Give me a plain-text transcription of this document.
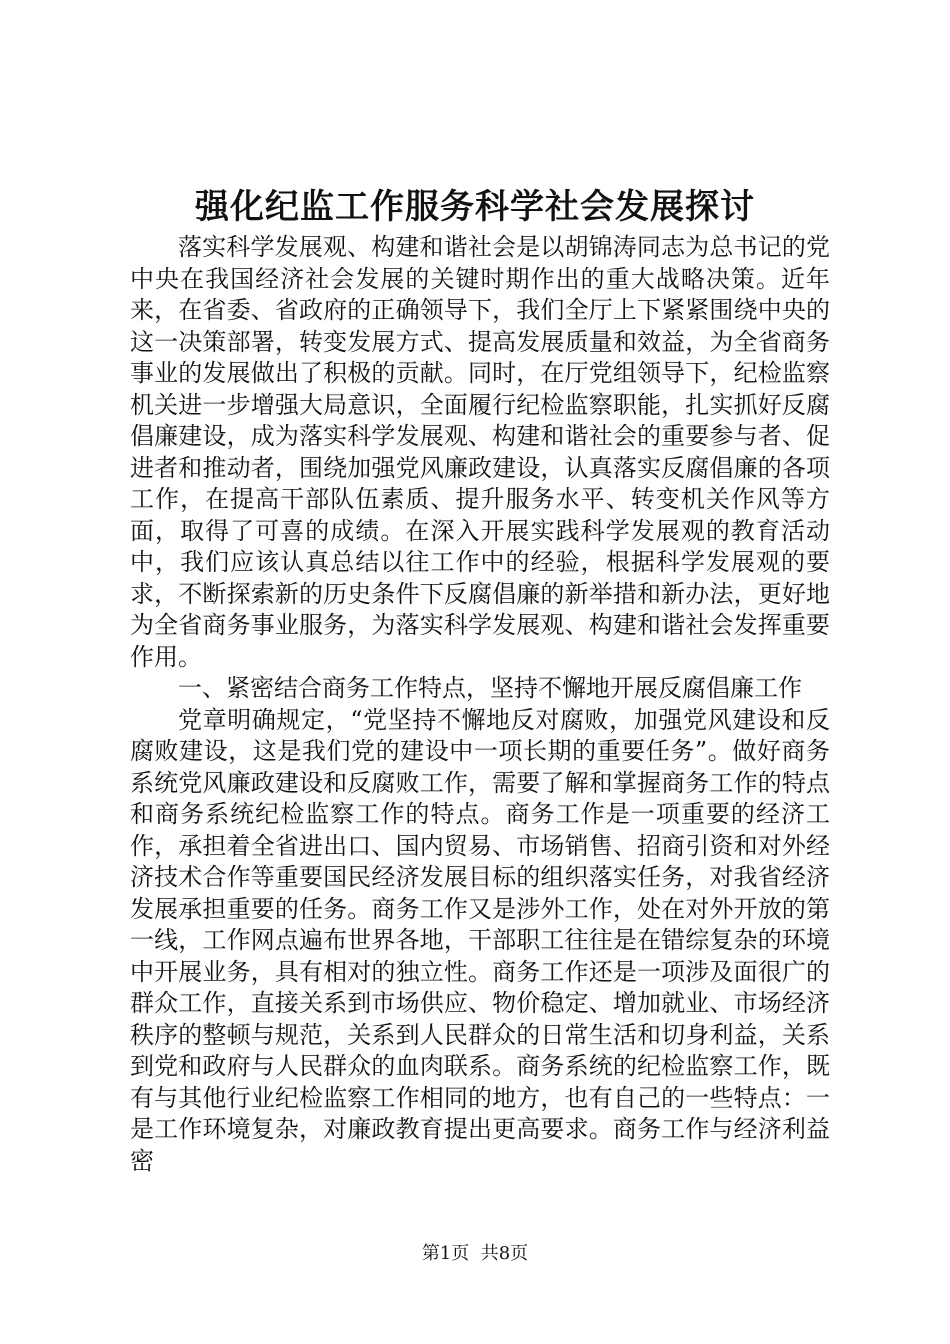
强化纪监工作服务科学社会发展探讨

落实科学发展观、构建和谐社会是以胡锦涛同志为总书记的党中央在我国经济社会发展的关键时期作出的重大战略决策。近年来，在省委、省政府的正确领导下，我们全厅上下紧紧围绕中央的这一决策部署，转变发展方式、提高发展质量和效益，为全省商务事业的发展做出了积极的贡献。同时，在厅党组领导下，纪检监察机关进一步增强大局意识，全面履行纪检监察职能，扎实抓好反腐倡廉建设，成为落实科学发展观、构建和谐社会的重要参与者、促进者和推动者，围绕加强党风廉政建设，认真落实反腐倡廉的各项工作，在提高干部队伍素质、提升服务水平、转变机关作风等方面，取得了可喜的成绩。在深入开展实践科学发展观的教育活动中，我们应该认真总结以往工作中的经验，根据科学发展观的要求，不断探索新的历史条件下反腐倡廉的新举措和新办法，更好地为全省商务事业服务，为落实科学发展观、构建和谐社会发挥重要作用。

一、紧密结合商务工作特点，坚持不懈地开展反腐倡廉工作

党章明确规定，“党坚持不懈地反对腐败，加强党风建设和反腐败建设，这是我们党的建设中一项长期的重要任务”。做好商务系统党风廉政建设和反腐败工作，需要了解和掌握商务工作的特点和商务系统纪检监察工作的特点。商务工作是一项重要的经济工作，承担着全省进出口、国内贸易、市场销售、招商引资和对外经济技术合作等重要国民经济发展目标的组织落实任务，对我省经济发展承担重要的任务。商务工作又是涉外工作，处在对外开放的第一线，工作网点遍布世界各地，干部职工往往是在错综复杂的环境中开展业务，具有相对的独立性。商务工作还是一项涉及面很广的群众工作，直接关系到市场供应、物价稳定、增加就业、市场经济秩序的整顿与规范，关系到人民群众的日常生活和切身利益，关系到党和政府与人民群众的血肉联系。商务系统的纪检监察工作，既有与其他行业纪检监察工作相同的地方，也有自己的一些特点：一是工作环境复杂，对廉政教育提出更高要求。商务工作与经济利益密

第1页 共8页
